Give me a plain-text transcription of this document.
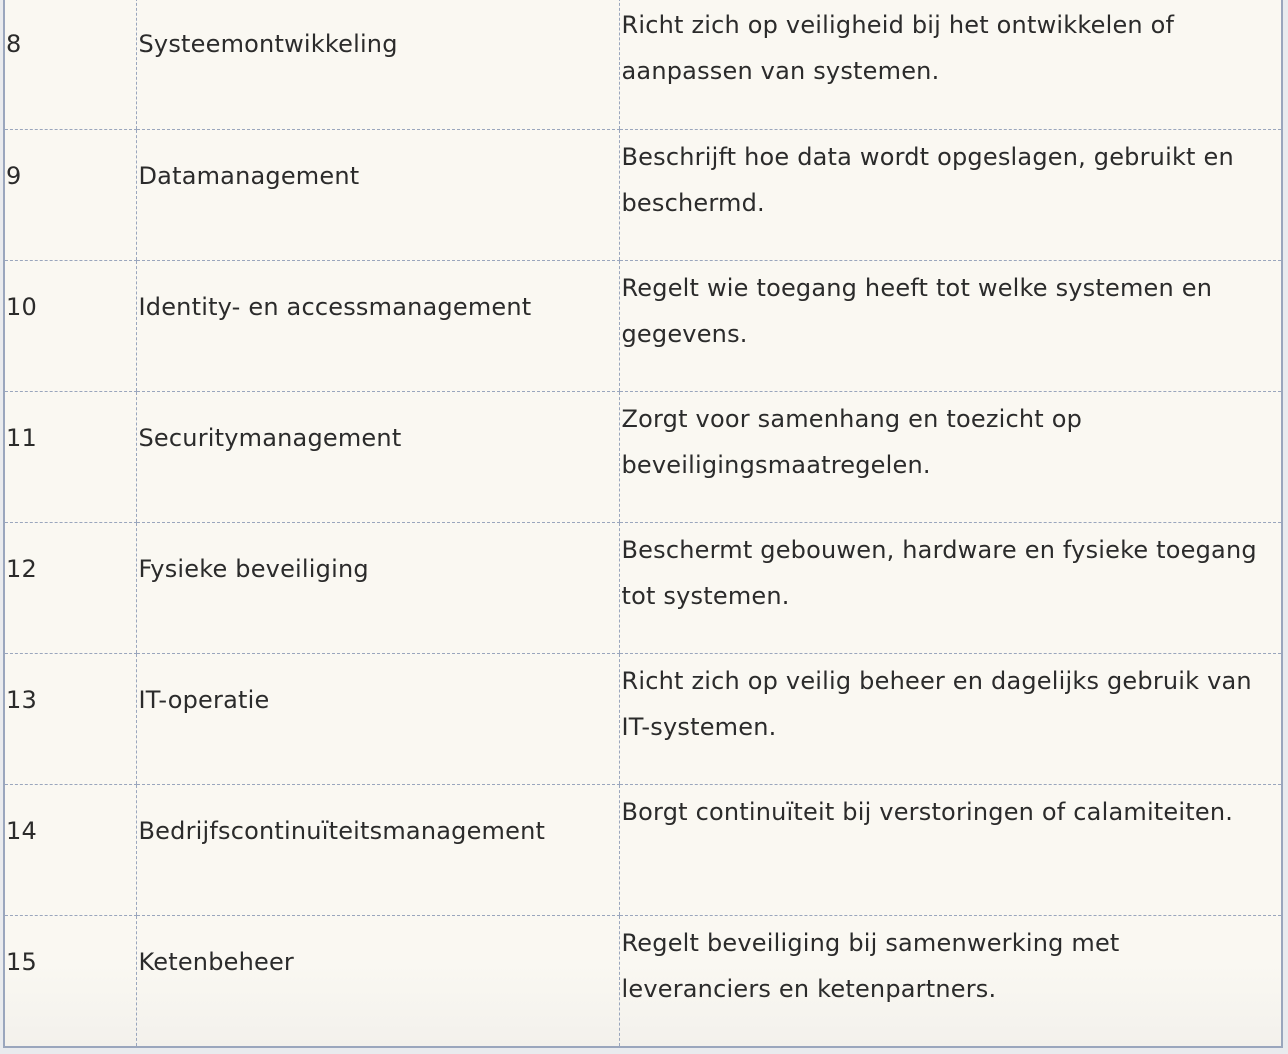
8	Systeemontwikkeling	Richt zich op veiligheid bij het ontwikkelen of aanpassen van systemen.
9	Datamanagement	Beschrijft hoe data wordt opgeslagen, gebruikt en beschermd.
10	Identity- en accessmanagement	Regelt wie toegang heeft tot welke systemen en gegevens.
11	Securitymanagement	Zorgt voor samenhang en toezicht op beveiligingsmaatregelen.
12	Fysieke beveiliging	Beschermt gebouwen, hardware en fysieke toegang tot systemen.
13	IT-operatie	Richt zich op veilig beheer en dagelijks gebruik van IT-systemen.
14	Bedrijfscontinuïteitsmanagement	Borgt continuïteit bij verstoringen of calamiteiten.
15	Ketenbeheer	Regelt beveiliging bij samenwerking met leveranciers en ketenpartners.
